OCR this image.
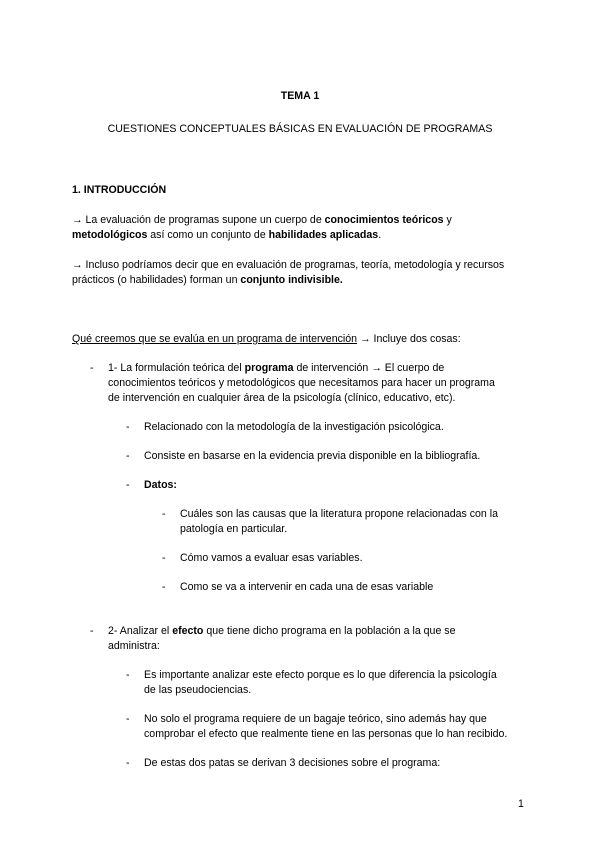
TEMA 1
CUESTIONES CONCEPTUALES BÁSICAS EN EVALUACIÓN DE PROGRAMAS
1. INTRODUCCIÓN
→ La evaluación de programas supone un cuerpo de conocimientos teóricos y
metodológicos así como un conjunto de habilidades aplicadas.
→ Incluso podríamos decir que en evaluación de programas, teoría, metodología y recursos
prácticos (o habilidades) forman un conjunto indivisible.
Qué creemos que se evalúa en un programa de intervención → Incluye dos cosas:
- 1- La formulación teórica del programa de intervención → El cuerpo de
conocimientos teóricos y metodológicos que necesitamos para hacer un programa
de intervención en cualquier área de la psicología (clínico, educativo, etc).
- Relacionado con la metodología de la investigación psicológica.
- Consiste en basarse en la evidencia previa disponible en la bibliografía.
- Datos:
- Cuáles son las causas que la literatura propone relacionadas con la
patología en particular.
- Cómo vamos a evaluar esas variables.
- Como se va a intervenir en cada una de esas variable
- 2- Analizar el efecto que tiene dicho programa en la población a la que se
administra:
- Es importante analizar este efecto porque es lo que diferencia la psicología
de las pseudociencias.
- No solo el programa requiere de un bagaje teórico, sino además hay que
comprobar el efecto que realmente tiene en las personas que lo han recibido.
- De estas dos patas se derivan 3 decisiones sobre el programa:
1
